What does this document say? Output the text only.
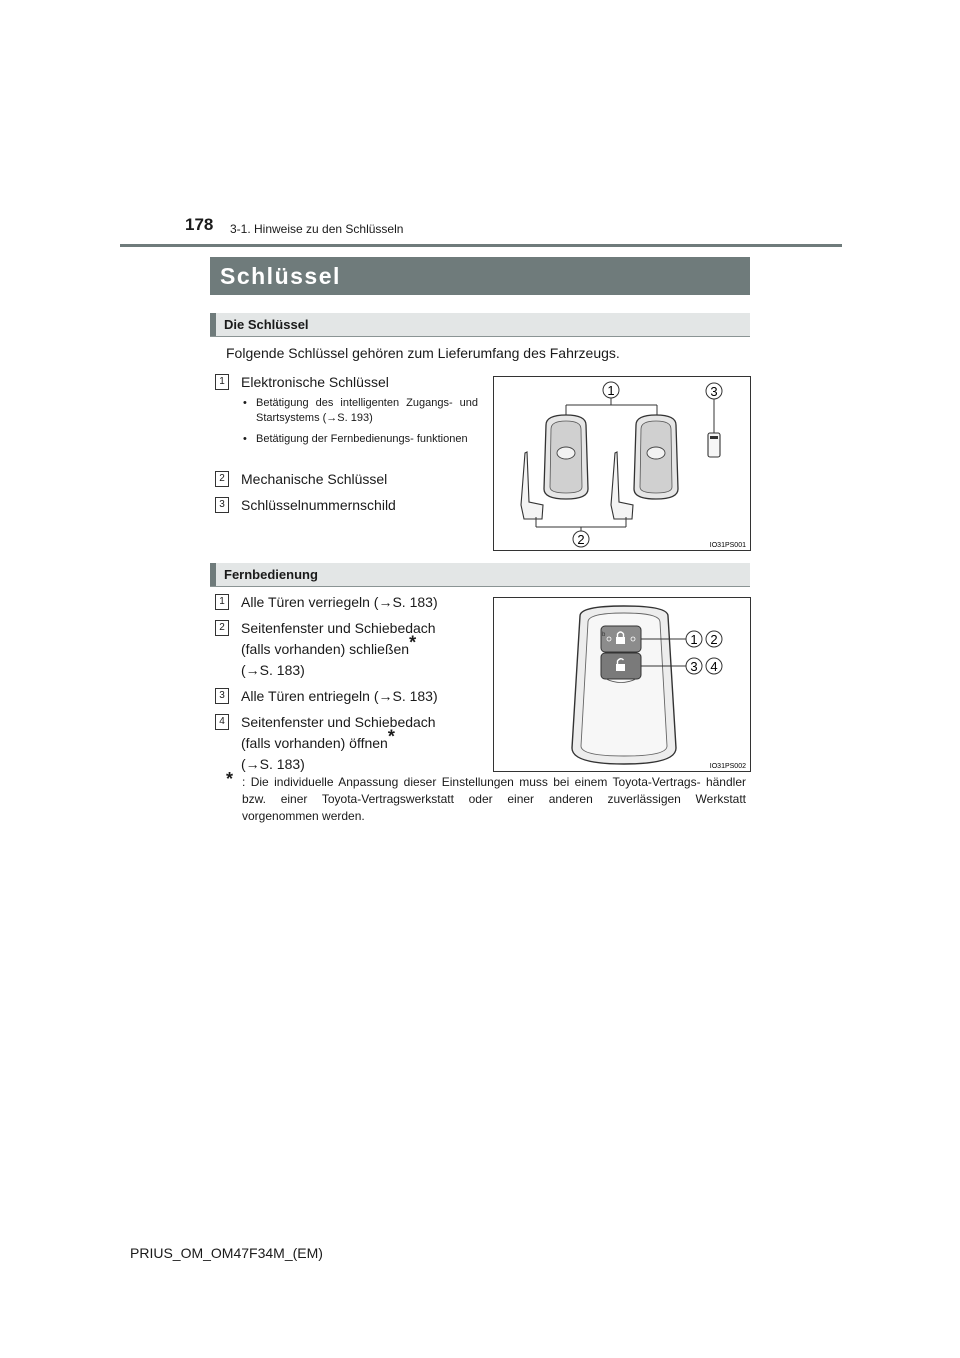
178 3-1. Hinweise zu den Schlüsseln
Schlüssel
Die Schlüssel
Folgende Schlüssel gehören zum Lieferumfang des Fahrzeugs.
1	Elektronische Schlüssel
• Betätigung des intelligenten Zugangs- und Startsystems (→S. 193)
• Betätigung der Fernbedienungs- funktionen
2	Mechanische Schlüssel
3	Schlüsselnummernschild
1	3
2	IO31PS001
Fernbedienung
1	Alle Türen verriegeln (→S. 183)
2	Seitenfenster und Schiebedach
(falls vorhanden) schließen*
(→S. 183)
3	Alle Türen entriegeln (→S. 183)
4	Seitenfenster und Schiebedach
(falls vorhanden) öffnen*
(→S. 183)
b	1 2
3 4
IO31PS002
* : Die individuelle Anpassung dieser Einstellungen muss bei einem Toyota-Vertrags- händler bzw. einer Toyota-Vertragswerkstatt oder einer anderen zuverlässigen Werkstatt vorgenommen werden.
PRIUS_OM_OM47F34M_(EM)
